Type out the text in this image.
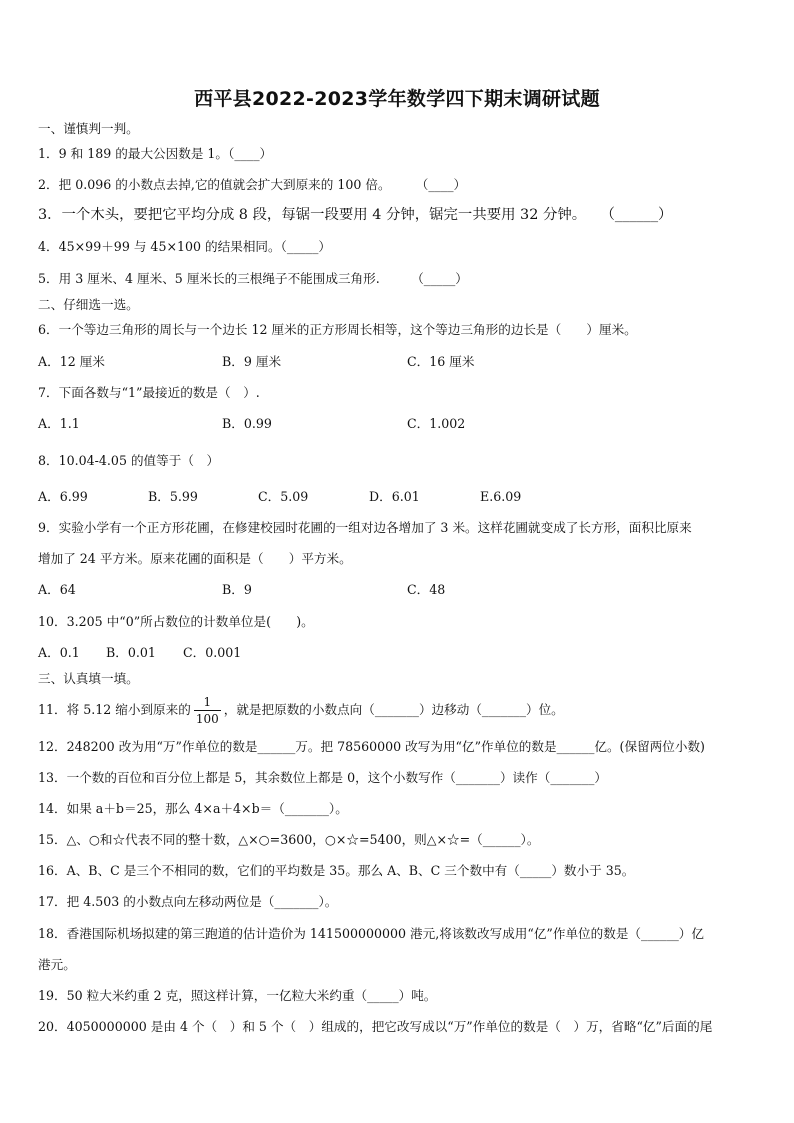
西平县2022-2023学年数学四下期末调研试题
一、谨慎判一判。
1．9 和 189 的最大公因数是 1。（____）
2．把 0.096 的小数点去掉,它的值就会扩大到原来的 100 倍。　　　（____）
3．一个木头，要把它平均分成 8 段，每锯一段要用 4 分钟，锯完一共要用 32 分钟。　　（______）
4．45×99＋99 与 45×100 的结果相同。（_____）
5．用 3 厘米、4 厘米、5 厘米长的三根绳子不能围成三角形.　　　（_____）
二、仔细选一选。
6．一个等边三角形的周长与一个边长 12 厘米的正方形周长相等，这个等边三角形的边长是（　　）厘米。
A．12 厘米	B．9 厘米	C．16 厘米
7．下面各数与“1”最接近的数是（　）.
A．1.1	B．0.99	C．1.002
8．10.04-4.05 的值等于（　）
A．6.99	B．5.99	C．5.09	D．6.01	E.6.09
9．实验小学有一个正方形花圃，在修建校园时花圃的一组对边各增加了 3 米。这样花圃就变成了长方形，面积比原来
增加了 24 平方米。原来花圃的面积是（　　）平方米。
A．64	B．9	C．48
10．3.205 中“0”所占数位的计数单位是(　　)。
A．0.1 B．0.01 C．0.001
三、认真填一填。
11．将 5.12 缩小到原来的 $\frac{1}{100}$ ，就是把原数的小数点向（_______）边移动（_______）位。
12．248200 改为用“万”作单位的数是______万。把 78560000 改写为用“亿”作单位的数是______亿。(保留两位小数)
13．一个数的百位和百分位上都是 5，其余数位上都是 0，这个小数写作（_______）读作（_______）
14．如果 a＋b＝25，那么 4×a＋4×b＝（_______）。
15．△、○和☆代表不同的整十数，△×○=3600，○×☆=5400，则△×☆=（______）。
16．A、B、C 是三个不相同的数，它们的平均数是 35。那么 A、B、C 三个数中有（_____）数小于 35。
17．把 4.503 的小数点向左移动两位是（_______）。
18．香港国际机场拟建的第三跑道的估计造价为 141500000000 港元,将该数改写成用“亿”作单位的数是（______）亿
港元。
19．50 粒大米约重 2 克，照这样计算，一亿粒大米约重（_____）吨。
20．4050000000 是由 4 个（　）和 5 个（　）组成的，把它改写成以“万”作单位的数是（　）万，省略“亿”后面的尾
